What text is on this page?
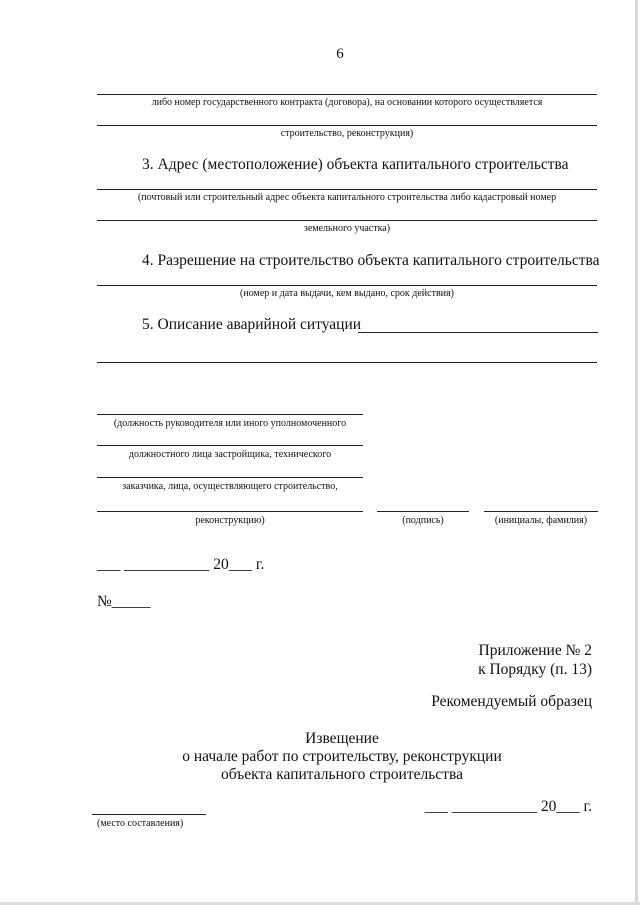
6
либо номер государственного контракта (договора), на основании которого осуществляется
строительство, реконструкция)
3. Адрес (местоположение) объекта капитального строительства
(почтовый или строительный адрес объекта капитального строительства либо кадастровый номер
земельного участка)
4. Разрешение на строительство объекта капитального строительства
(номер и дата выдачи, кем выдано, срок действия)
5. Описание аварийной ситуации
(должность руководителя или иного уполномоченного
должностного лица застройщика, технического
заказчика, лица, осуществляющего строительство,
реконструкцию)	(подпись)	(инициалы, фамилия)
___ ___________ 20___ г.
№_____
Приложение № 2
к Порядку (п. 13)
Рекомендуемый образец
Извещение
о начале работ по строительству, реконструкции
объекта капитального строительства
(место составления)
___ ___________ 20___ г.
